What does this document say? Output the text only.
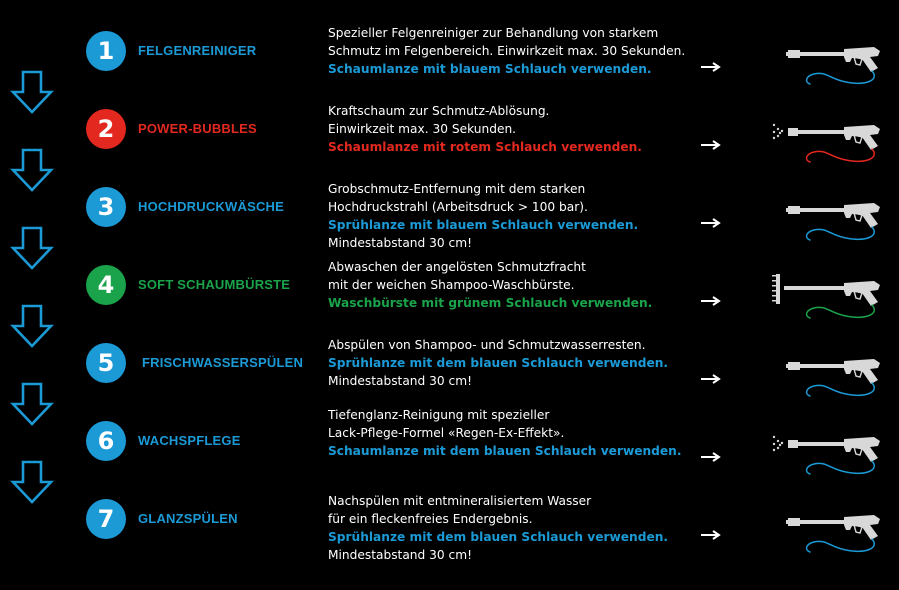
1	FELGENREINIGER
Spezieller Felgenreiniger zur Behandlung von starkem
Schmutz im Felgenbereich. Einwirkzeit max. 30 Sekunden.
Schaumlanze mit blauem Schlauch verwenden.
2	POWER-BUBBLES
Kraftschaum zur Schmutz-Ablösung.
Einwirkzeit max. 30 Sekunden.
Schaumlanze mit rotem Schlauch verwenden.
3	HOCHDRUCKWÄSCHE
Grobschmutz-Entfernung mit dem starken
Hochdruckstrahl (Arbeitsdruck > 100 bar).
Sprühlanze mit blauem Schlauch verwenden.
Mindestabstand 30 cm!
4	SOFT SCHAUMBÜRSTE
Abwaschen der angelösten Schmutzfracht
mit der weichen Shampoo-Waschbürste.
Waschbürste mit grünem Schlauch verwenden.
5	FRISCHWASSERSPÜLEN
Abspülen von Shampoo- und Schmutzwasserresten.
Sprühlanze mit dem blauen Schlauch verwenden.
Mindestabstand 30 cm!
6	WACHSPFLEGE
Tiefenglanz-Reinigung mit spezieller
Lack-Pflege-Formel «Regen-Ex-Effekt».
Schaumlanze mit dem blauen Schlauch verwenden.
7	GLANZSPÜLEN
Nachspülen mit entmineralisiertem Wasser
für ein fleckenfreies Endergebnis.
Sprühlanze mit dem blauen Schlauch verwenden.
Mindestabstand 30 cm!
